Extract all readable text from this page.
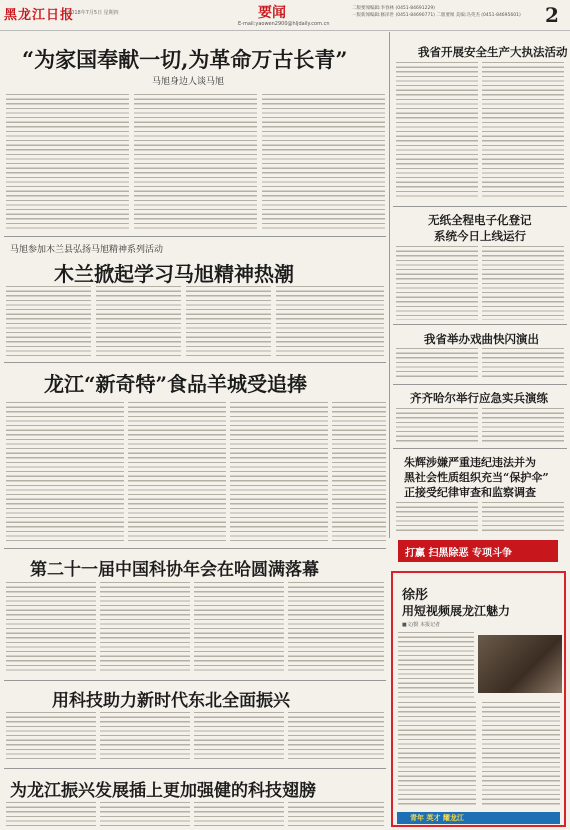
黑龙江日报
2018年7月5日 星期四	要闻
E-mail:yaowen2900@hljdaily.com.cn
二版要闻编辑:李春林 (0451-84691229)
一版新闻编辑:修泽世 (0451-84690771) 二版要闻 美编:冯英杰 (0451-84695601)	2
“为家国奉献一切,为革命万古长青”
马旭身边人谈马旭
马旭参加木兰县弘扬马旭精神系列活动
木兰掀起学习马旭精神热潮
龙江“新奇特”食品羊城受追捧
第二十一届中国科协年会在哈圆满落幕
用科技助力新时代东北全面振兴
为龙江振兴发展插上更加强健的科技翅膀
我省开展安全生产大执法活动
无纸全程电子化登记
系统今日上线运行
我省举办戏曲快闪演出
齐齐哈尔举行应急实兵演练
朱辉涉嫌严重违纪违法并为
黑社会性质组织充当“保护伞”
正接受纪律审查和监察调查
打赢 扫黑除恶 专项斗争
徐彤
用短视频展龙江魅力
■文/摄 本报记者
青年 英才 耀龙江
